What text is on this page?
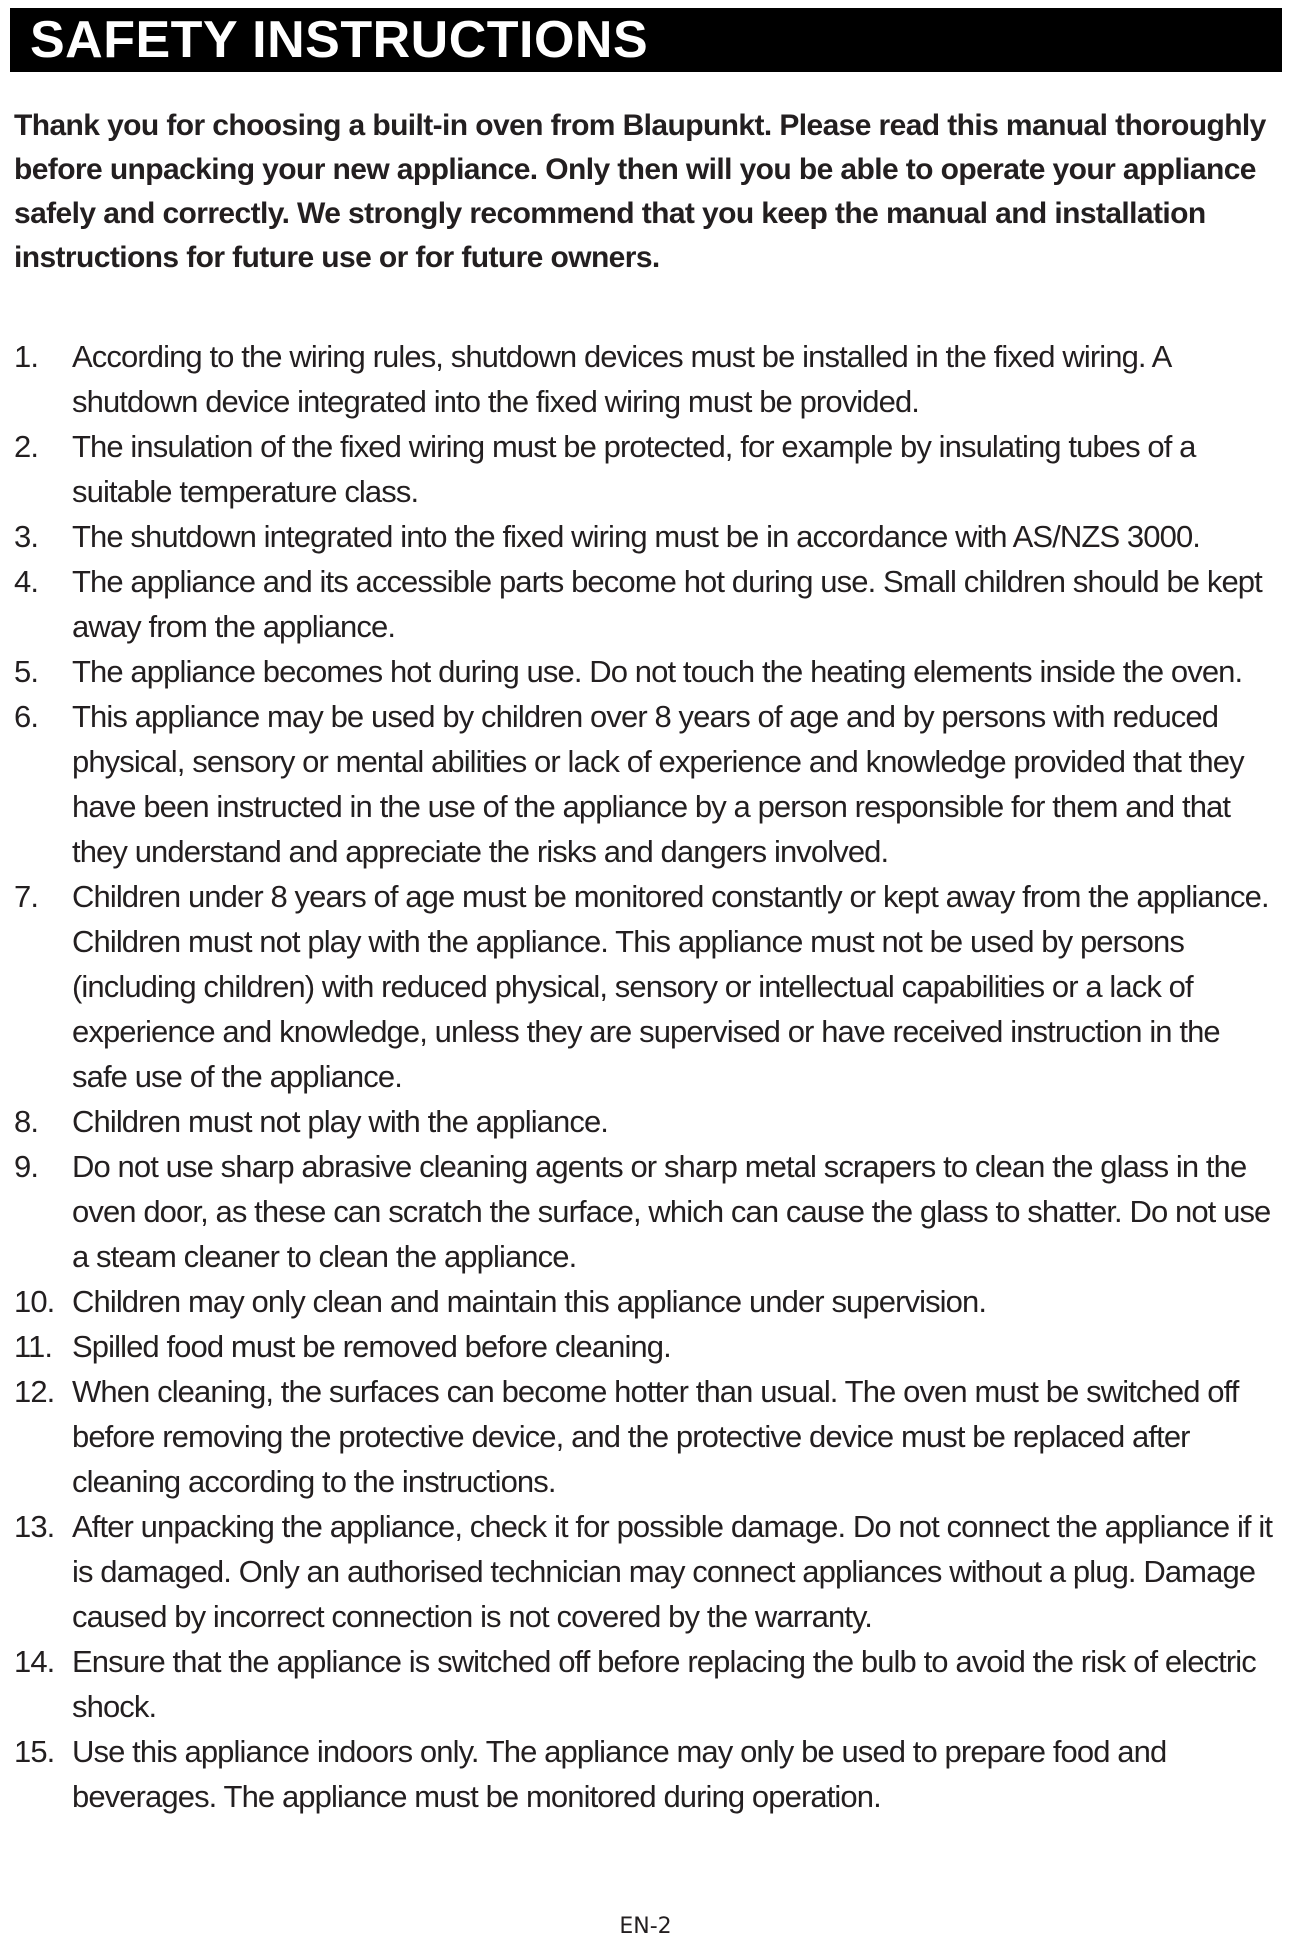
SAFETY INSTRUCTIONS

Thank you for choosing a built-in oven from Blaupunkt. Please read this manual thoroughly before unpacking your new appliance. Only then will you be able to operate your appliance safely and correctly. We strongly recommend that you keep the manual and installation instructions for future use or for future owners.

1.	According to the wiring rules, shutdown devices must be installed in the fixed wiring. A shutdown device integrated into the fixed wiring must be provided.
2.	The insulation of the fixed wiring must be protected, for example by insulating tubes of a suitable temperature class.
3.	The shutdown integrated into the fixed wiring must be in accordance with AS/NZS 3000.
4.	The appliance and its accessible parts become hot during use. Small children should be kept away from the appliance.
5.	The appliance becomes hot during use. Do not touch the heating elements inside the oven.
6.	This appliance may be used by children over 8 years of age and by persons with reduced physical, sensory or mental abilities or lack of experience and knowledge provided that they have been instructed in the use of the appliance by a person responsible for them and that they understand and appreciate the risks and dangers involved.
7.	Children under 8 years of age must be monitored constantly or kept away from the appliance. Children must not play with the appliance. This appliance must not be used by persons (including children) with reduced physical, sensory or intellectual capabilities or a lack of experience and knowledge, unless they are supervised or have received instruction in the safe use of the appliance.
8.	Children must not play with the appliance.
9.	Do not use sharp abrasive cleaning agents or sharp metal scrapers to clean the glass in the oven door, as these can scratch the surface, which can cause the glass to shatter. Do not use a steam cleaner to clean the appliance.
10. Children may only clean and maintain this appliance under supervision.
11. Spilled food must be removed before cleaning.
12. When cleaning, the surfaces can become hotter than usual. The oven must be switched off before removing the protective device, and the protective device must be replaced after cleaning according to the instructions.
13. After unpacking the appliance, check it for possible damage. Do not connect the appliance if it is damaged. Only an authorised technician may connect appliances without a plug. Damage caused by incorrect connection is not covered by the warranty.
14. Ensure that the appliance is switched off before replacing the bulb to avoid the risk of electric shock.
15. Use this appliance indoors only. The appliance may only be used to prepare food and beverages. The appliance must be monitored during operation.
EN-2
